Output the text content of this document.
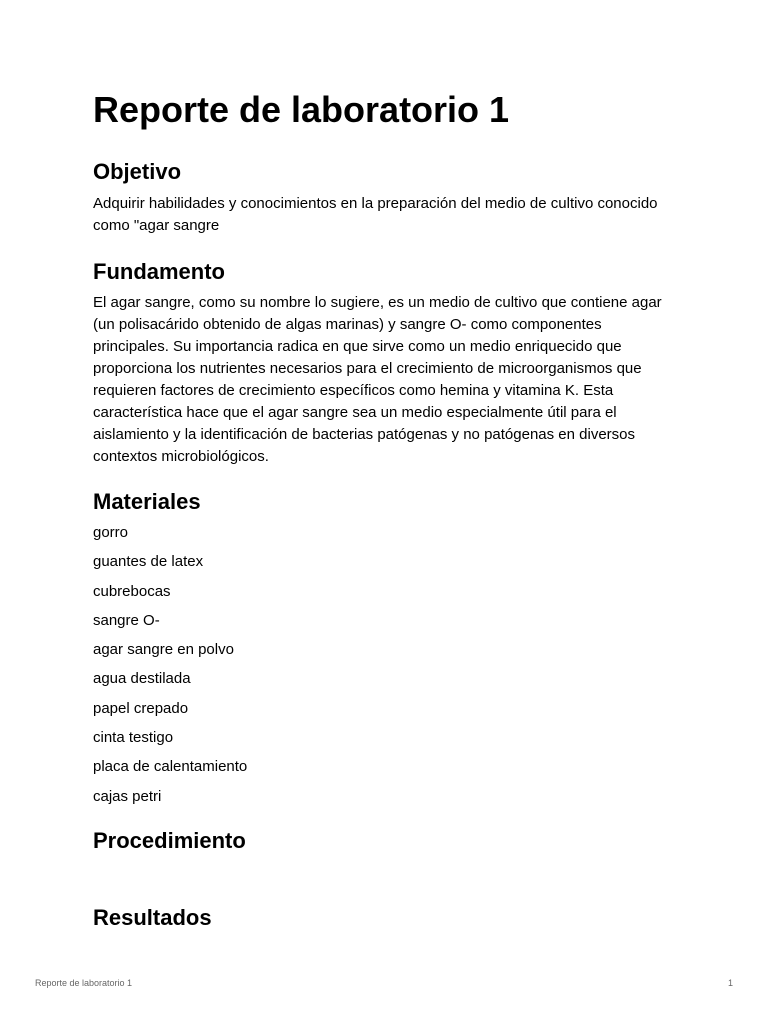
Reporte de laboratorio 1
Objetivo

Adquirir habilidades y conocimientos en la preparación del medio de cultivo conocido como "agar sangre

Fundamento

El agar sangre, como su nombre lo sugiere, es un medio de cultivo que contiene agar (un polisacárido obtenido de algas marinas) y sangre O- como componentes principales. Su importancia radica en que sirve como un medio enriquecido que proporciona los nutrientes necesarios para el crecimiento de microorganismos que requieren factores de crecimiento específicos como hemina y vitamina K. Esta característica hace que el agar sangre sea un medio especialmente útil para el aislamiento y la identificación de bacterias patógenas y no patógenas en diversos contextos microbiológicos.

Materiales
gorro
guantes de latex
cubrebocas
sangre O-
agar sangre en polvo
agua destilada
papel crepado
cinta testigo
placa de calentamiento
cajas petri
Procedimiento
Resultados
Reporte de laboratorio 1	1
